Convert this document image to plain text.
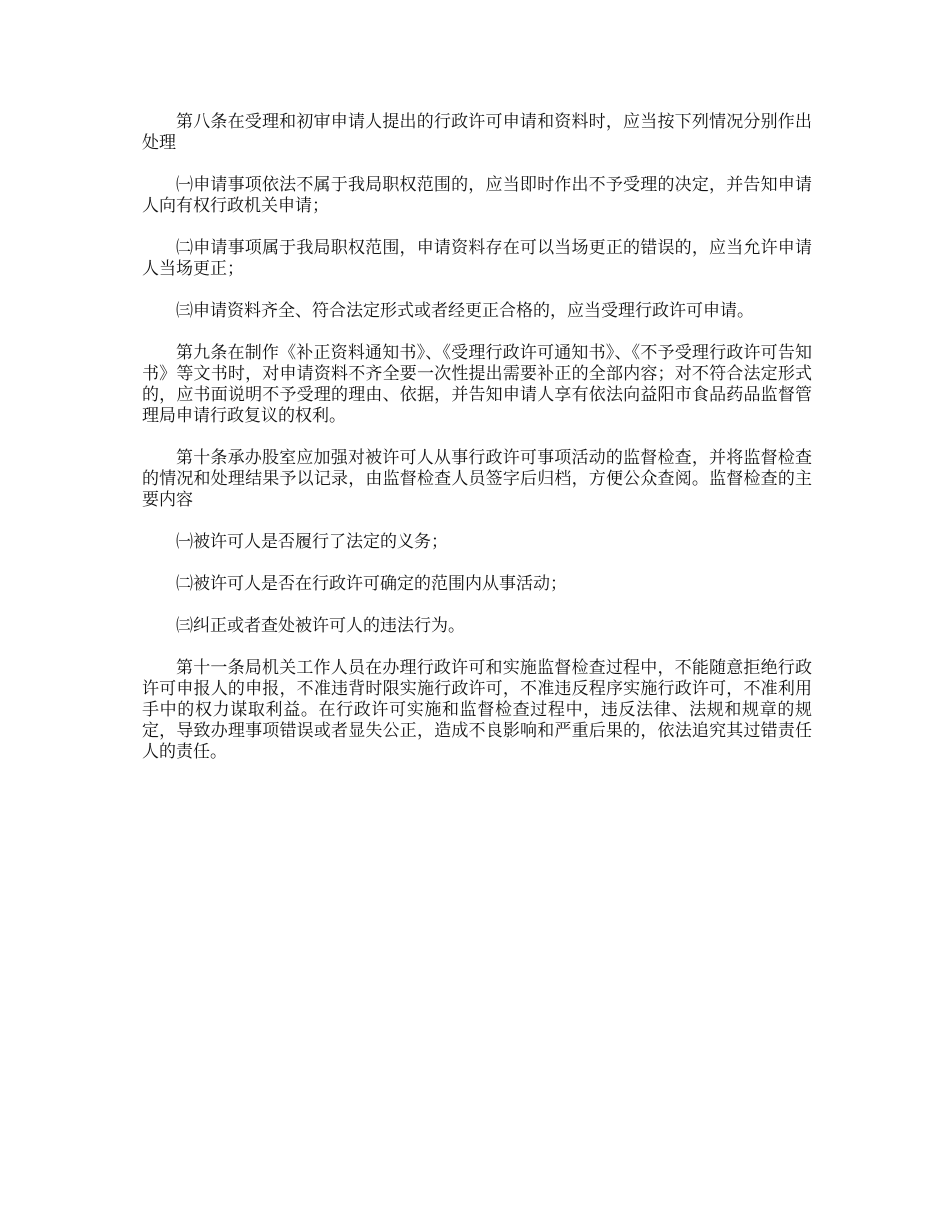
第八条在受理和初审申请人提出的行政许可申请和资料时，应当按下列情况分别作出处理

㈠申请事项依法不属于我局职权范围的，应当即时作出不予受理的决定，并告知申请人向有权行政机关申请；

㈡申请事项属于我局职权范围，申请资料存在可以当场更正的错误的，应当允许申请人当场更正；

㈢申请资料齐全、符合法定形式或者经更正合格的，应当受理行政许可申请。

第九条在制作《补正资料通知书》、《受理行政许可通知书》、《不予受理行政许可告知书》等文书时，对申请资料不齐全要一次性提出需要补正的全部内容；对不符合法定形式的，应书面说明不予受理的理由、依据，并告知申请人享有依法向益阳市食品药品监督管理局申请行政复议的权利。

第十条承办股室应加强对被许可人从事行政许可事项活动的监督检查，并将监督检查的情况和处理结果予以记录，由监督检查人员签字后归档，方便公众查阅。监督检查的主要内容

㈠被许可人是否履行了法定的义务；

㈡被许可人是否在行政许可确定的范围内从事活动；

㈢纠正或者查处被许可人的违法行为。

第十一条局机关工作人员在办理行政许可和实施监督检查过程中，不能随意拒绝行政许可申报人的申报，不准违背时限实施行政许可，不准违反程序实施行政许可，不准利用手中的权力谋取利益。在行政许可实施和监督检查过程中，违反法律、法规和规章的规定，导致办理事项错误或者显失公正，造成不良影响和严重后果的，依法追究其过错责任人的责任。
